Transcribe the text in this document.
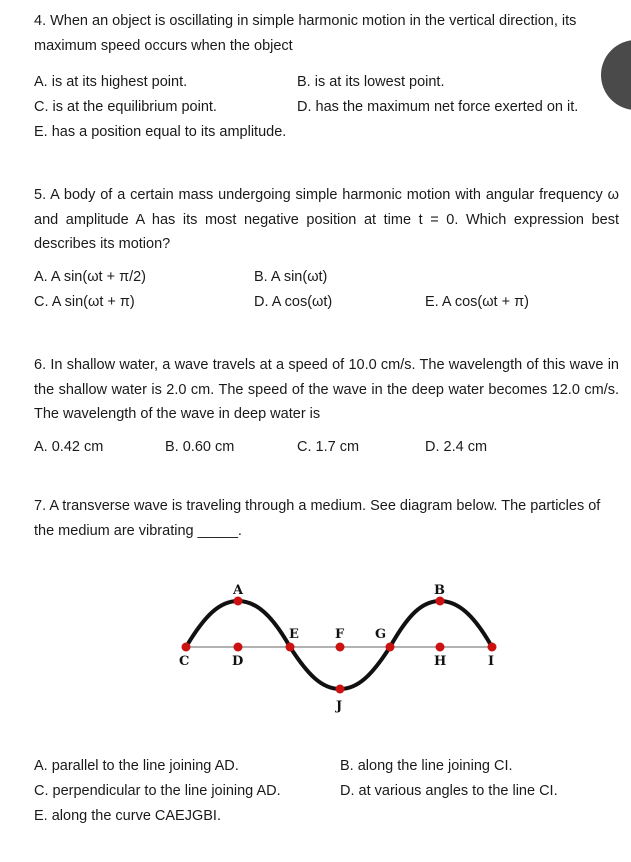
4. When an object is oscillating in simple harmonic motion in the vertical direction, its
maximum speed occurs when the object
A. is at its highest point.	B. is at its lowest point.
C. is at the equilibrium point.	D. has the maximum net force exerted on it.
E. has a position equal to its amplitude.
5. A body of a certain mass undergoing simple harmonic motion with angular frequency ω and amplitude A has its most negative position at time t = 0. Which expression best describes its motion?
A. A sin(ωt + π/2)	B. A sin(ωt)
C. A sin(ωt + π)	D. A cos(ωt)	E. A cos(ωt + π)
6. In shallow water, a wave travels at a speed of 10.0 cm/s. The wavelength of this wave in the shallow water is 2.0 cm. The speed of the wave in the deep water becomes 12.0 cm/s. The wavelength of the wave in deep water is
A. 0.42 cm	B. 0.60 cm	C. 1.7 cm	D. 2.4 cm
7. A transverse wave is traveling through a medium. See diagram below. The particles of
the medium are vibrating _____.
A	B
C	D
E	F G
H	I
J
A. parallel to the line joining AD.	B. along the line joining CI.
C. perpendicular to the line joining AD.	D. at various angles to the line CI.
E. along the curve CAEJGBI.
